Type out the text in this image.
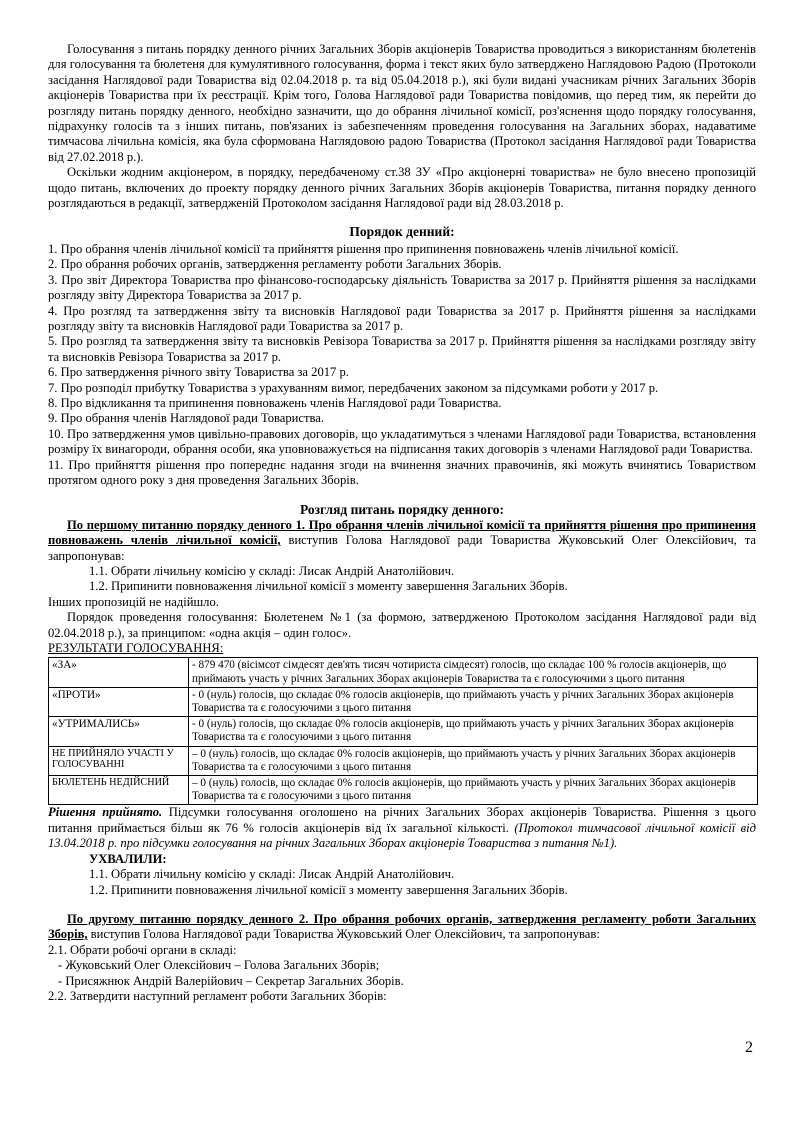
Голосування з питань порядку денного річних Загальних Зборів акціонерів Товариства проводиться з використанням бюлетенів для голосування та бюлетеня для кумулятивного голосування, форма і текст яких було затверджено Наглядовою Радою (Протоколи засідання Наглядової ради Товариства від 02.04.2018 р. та від 05.04.2018 р.), які були видані учасникам річних Загальних Зборів акціонерів Товариства при їх реєстрації. Крім того, Голова Наглядової ради Товариства повідомив, що перед тим, як перейти до розгляду питань порядку денного, необхідно зазначити, що до обрання лічильної комісії, роз'яснення щодо порядку голосування, підрахунку голосів та з інших питань, пов'язаних із забезпеченням проведення голосування на Загальних зборах, надаватиме тимчасова лічильна комісія, яка була сформована Наглядовою радою Товариства (Протокол засідання Наглядової ради Товариства від 27.02.2018 р.).

Оскільки жодним акціонером, в порядку, передбаченому ст.38 ЗУ «Про акціонерні товариства» не було внесено пропозицій щодо питань, включених до проекту порядку денного річних Загальних Зборів акціонерів Товариства, питання порядку денного розглядаються в редакції, затвердженій Протоколом засідання Наглядової ради від 28.03.2018 р.

Порядок денний:

1. Про обрання членів лічильної комісії та прийняття рішення про припинення повноважень членів лічильної комісії.

2. Про обрання робочих органів, затвердження регламенту роботи Загальних Зборів.

3. Про звіт Директора Товариства про фінансово-господарську діяльність Товариства за 2017 р. Прийняття рішення за наслідками розгляду звіту Директора Товариства за 2017 р.

4. Про розгляд та затвердження звіту та висновків Наглядової ради Товариства за 2017 р. Прийняття рішення за наслідками розгляду звіту та висновків Наглядової ради Товариства за 2017 р.

5. Про розгляд та затвердження звіту та висновків Ревізора Товариства за 2017 р. Прийняття рішення за наслідками розгляду звіту та висновків Ревізора Товариства за 2017 р.

6. Про затвердження річного звіту Товариства за 2017 р.

7. Про розподіл прибутку Товариства з урахуванням вимог, передбачених законом за підсумками роботи у 2017 р.

8. Про відкликання та припинення повноважень членів Наглядової ради Товариства.

9. Про обрання членів Наглядової ради Товариства.

10. Про затвердження умов цивільно-правових договорів, що укладатимуться з членами Наглядової ради Товариства, встановлення розміру їх винагороди, обрання особи, яка уповноважується на підписання таких договорів з членами Наглядової ради Товариства.

11. Про прийняття рішення про попереднє надання згоди на вчинення значних правочинів, які можуть вчинятись Товариством протягом одного року з дня проведення Загальних Зборів.

Розгляд питань порядку денного:

По першому питанню порядку денного 1. Про обрання членів лічильної комісії та прийняття рішення про припинення повноважень членів лічильної комісії, виступив Голова Наглядової ради Товариства Жуковський Олег Олексійович, та запропонував:

1.1. Обрати лічильну комісію у складі: Лисак Андрій Анатолійович.

1.2. Припинити повноваження лічильної комісії з моменту завершення Загальних Зборів.

Інших пропозицій не надійшло.

Порядок проведення голосування: Бюлетенем №1 (за формою, затвердженою Протоколом засідання Наглядової ради від 02.04.2018 р.), за принципом: «одна акція – один голос».

РЕЗУЛЬТАТИ ГОЛОСУВАННЯ:

«ЗА»	- 879 470 (вісімсот сімдесят дев'ять тисяч чотириста сімдесят) голосів, що складає 100 % голосів акціонерів, що приймають участь у річних Загальних Зборах акціонерів Товариства та є голосуючими з цього питання
«ПРОТИ»	- 0 (нуль) голосів, що складає 0% голосів акціонерів, що приймають участь у річних Загальних Зборах акціонерів Товариства та є голосуючими з цього питання
«УТРИМАЛИСЬ»	- 0 (нуль) голосів, що складає 0% голосів акціонерів, що приймають участь у річних Загальних Зборах акціонерів Товариства та є голосуючими з цього питання
НЕ ПРИЙНЯЛО УЧАСТІ У ГОЛОСУВАННІ	– 0 (нуль) голосів, що складає 0% голосів акціонерів, що приймають участь у річних Загальних Зборах акціонерів Товариства та є голосуючими з цього питання
БЮЛЕТЕНЬ НЕДІЙСНИЙ	– 0 (нуль) голосів, що складає 0% голосів акціонерів, що приймають участь у річних Загальних Зборах акціонерів Товариства та є голосуючими з цього питання

Рішення прийнято. Підсумки голосування оголошено на річних Загальних Зборах акціонерів Товариства. Рішення з цього питання приймається більш як 76 % голосів акціонерів від їх загальної кількості. (Протокол тимчасової лічильної комісії від 13.04.2018 р. про підсумки голосування на річних Загальних Зборах акціонерів Товариства з питання №1).

УХВАЛИЛИ:

1.1. Обрати лічильну комісію у складі: Лисак Андрій Анатолійович.

1.2. Припинити повноваження лічильної комісії з моменту завершення Загальних Зборів.

По другому питанню порядку денного 2. Про обрання робочих органів, затвердження регламенту роботи Загальних Зборів, виступив Голова Наглядової ради Товариства Жуковський Олег Олексійович, та запропонував:

2.1. Обрати робочі органи в складі:

- Жуковський Олег Олексійович – Голова Загальних Зборів;

- Присяжнюк Андрій Валерійович – Секретар Загальних Зборів.

2.2. Затвердити наступний регламент роботи Загальних Зборів:

2
